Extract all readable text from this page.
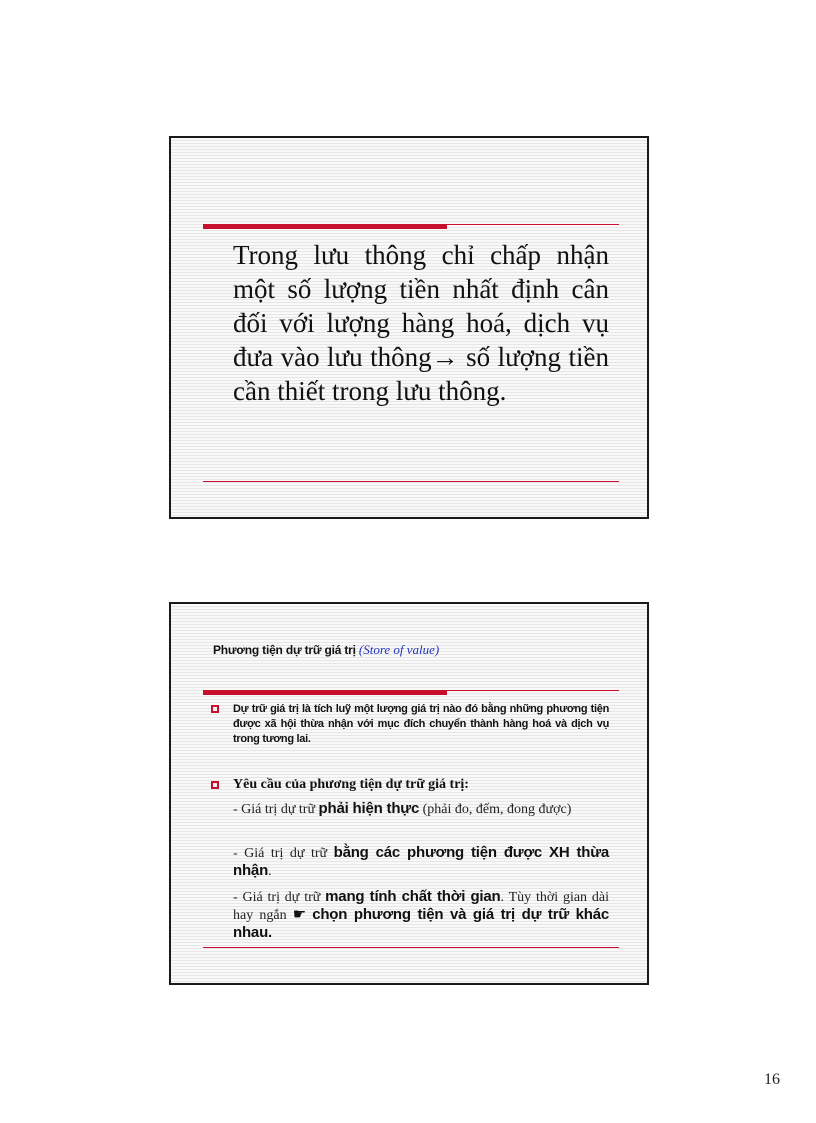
Trong lưu thông chỉ chấp nhận một số lượng tiền nhất định cân đối với lượng hàng hoá, dịch vụ đưa vào lưu thông→ số lượng tiền cần thiết trong lưu thông.

Phương tiện dự trữ giá trị (Store of value)
Dự trữ giá trị là tích luỹ một lượng giá trị nào đó bằng những phương tiện được xã hội thừa nhận với mục đích chuyển thành hàng hoá và dịch vụ trong tương lai.
Yêu cầu của phương tiện dự trữ giá trị:
- Giá trị dự trữ phải hiện thực (phải đo, đếm, đong được)
- Giá trị dự trữ bằng các phương tiện được XH thừa nhận.
- Giá trị dự trữ mang tính chất thời gian. Tùy thời gian dài hay ngắn ☛ chọn phương tiện và giá trị dự trữ khác nhau.
16
